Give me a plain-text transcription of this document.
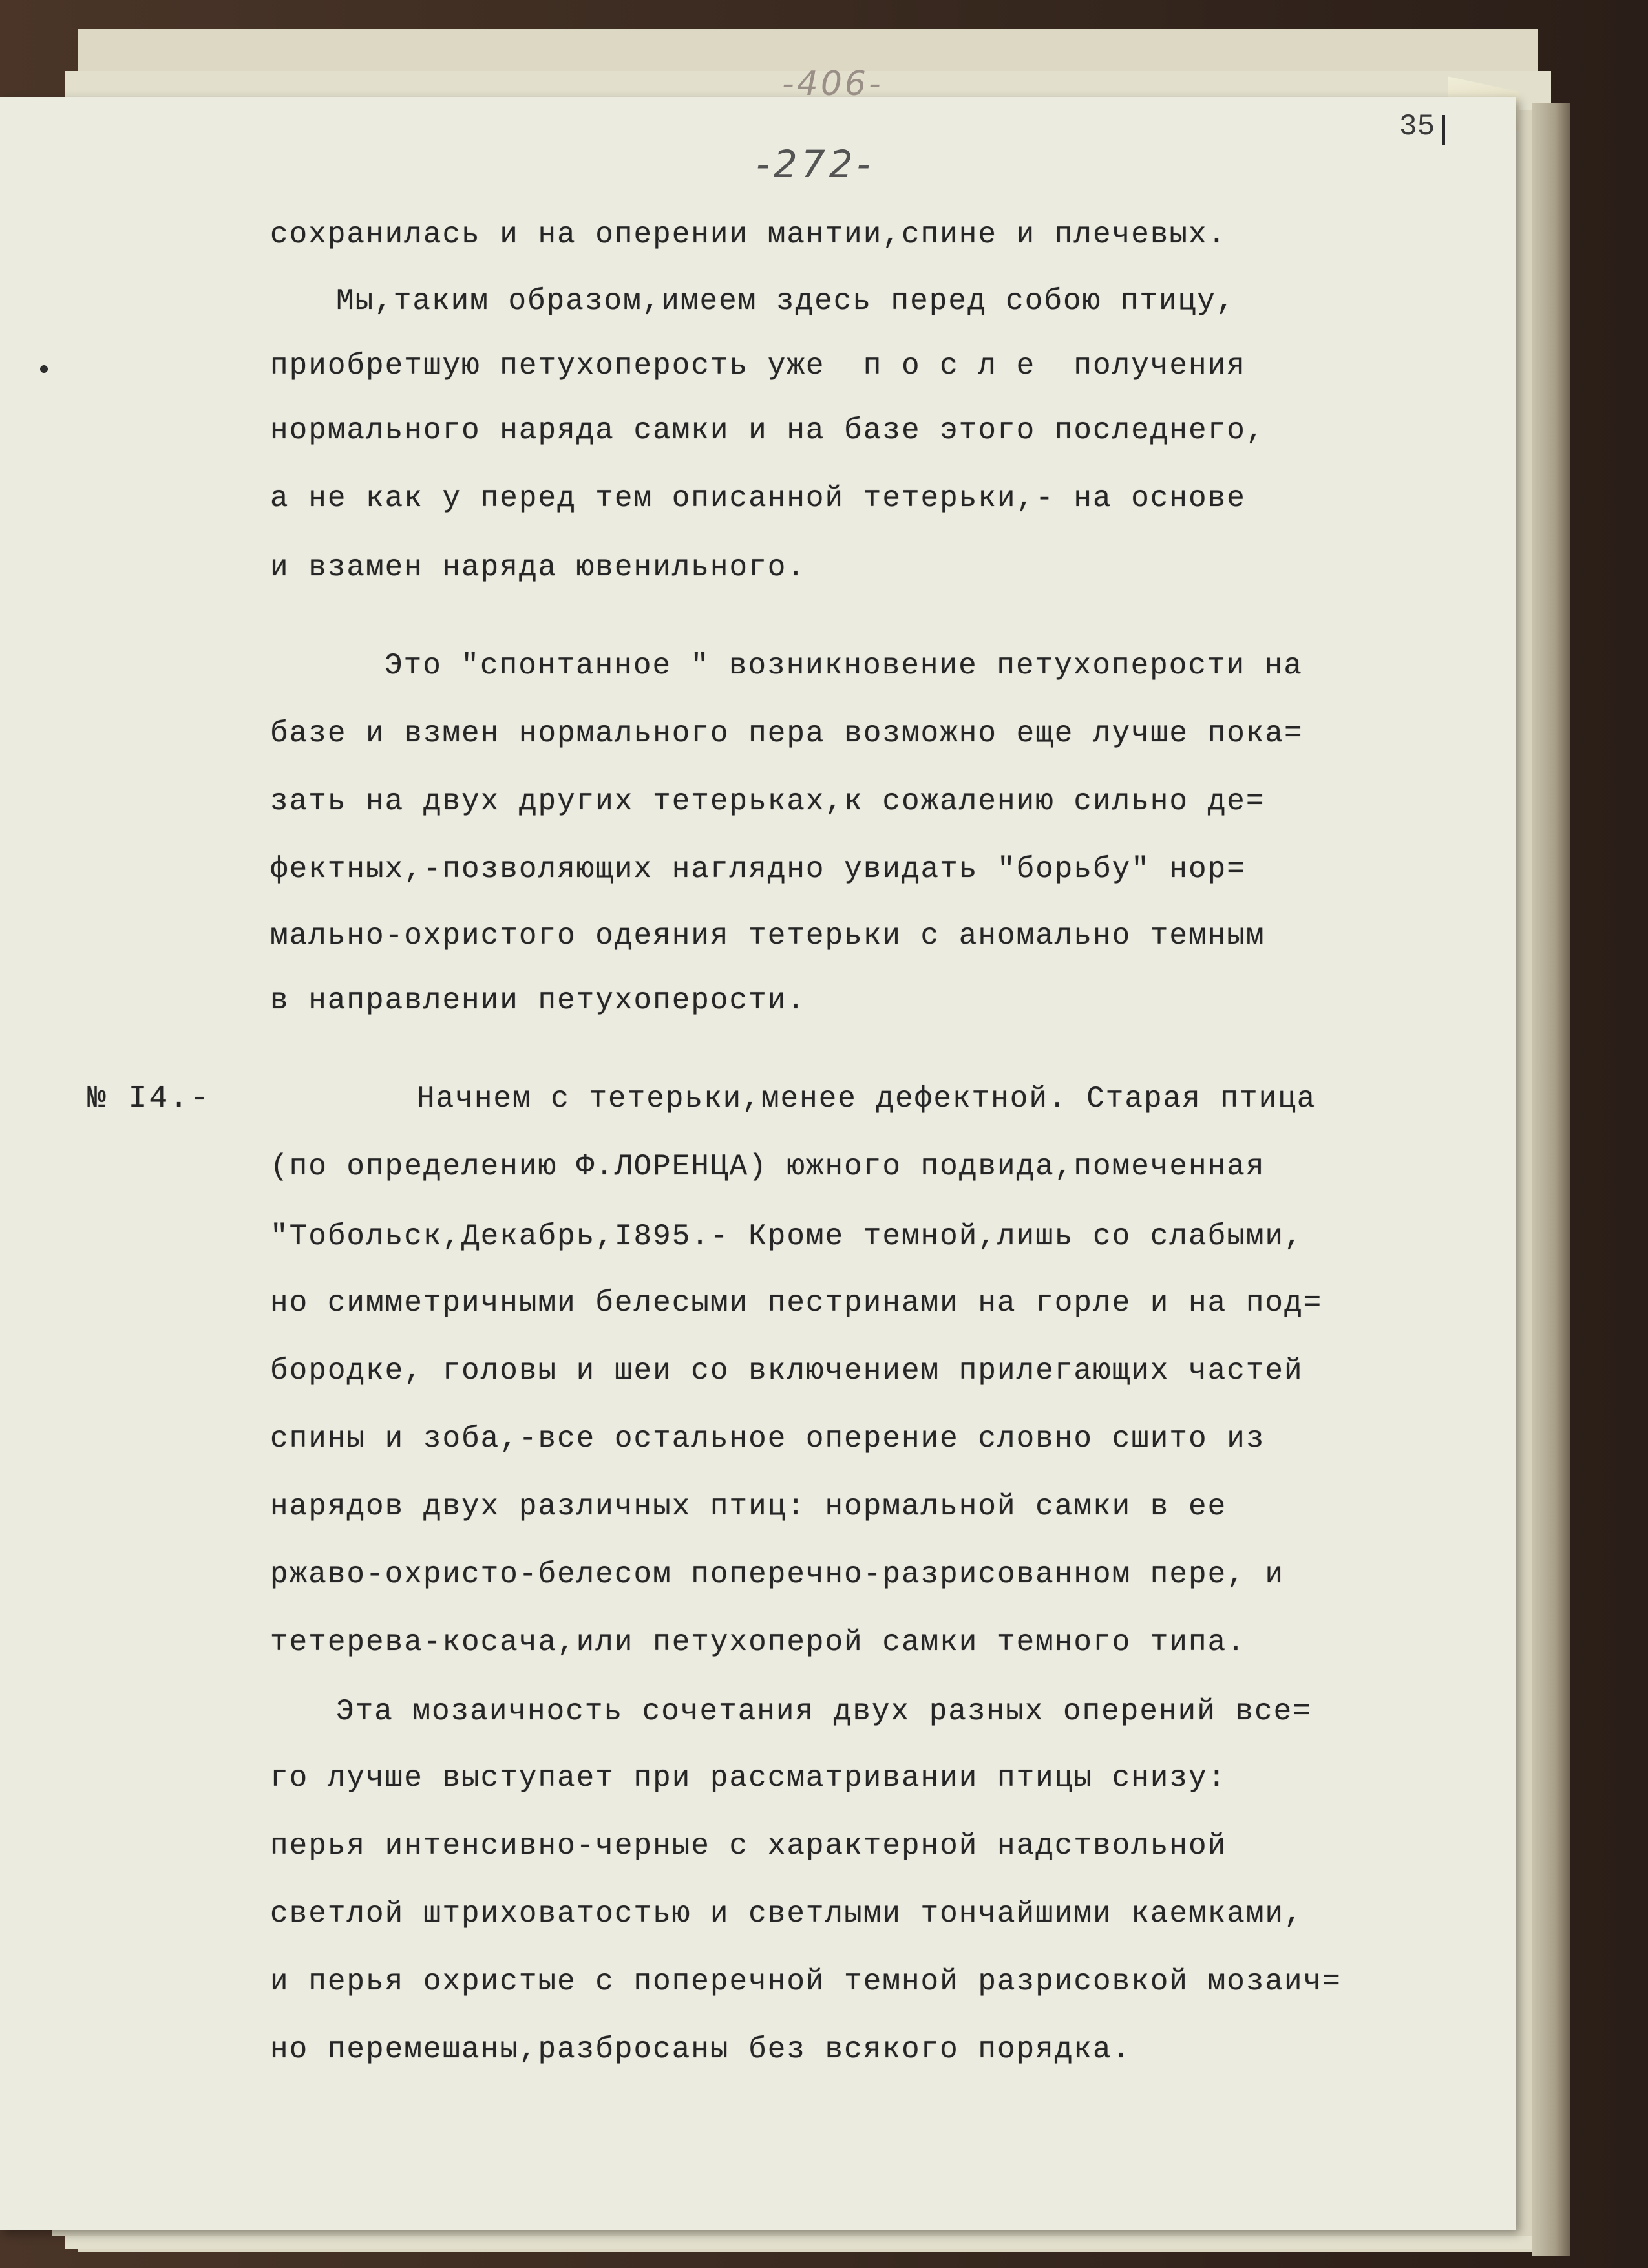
-406-
35
-272-
№ I4.-
сохранилась и на оперении мантии,спине и плечевых.
Мы,таким образом,имеем здесь перед собою птицу,
приобретшую петухоперость уже  п о с л е  получения
нормального наряда самки и на базе этого последнего,
а не как у перед тем описанной тетерьки,- на основе
и взамен наряда ювенильного.
Это "спонтанное " возникновение петухоперости на
базе и взмен нормального пера возможно еще лучше пока=
зать на двух других тетерьках,к сожалению сильно де=
фектных,-позволяющих наглядно увидать "борьбу" нор=
мально-охристого одеяния тетерьки с аномально темным
в направлении петухоперости.
Начнем с тетерьки,менее дефектной. Старая птица
(по определению Ф.ЛОРЕНЦА) южного подвида,помеченная
"Тобольск,Декабрь,I895.- Кроме темной,лишь со слабыми,
но симметричными белесыми пестринами на горле и на под=
бородке, головы и шеи со включением прилегающих частей
спины и зоба,-все остальное оперение словно сшито из
нарядов двух различных птиц: нормальной самки в ее
ржаво-охристо-белесом поперечно-разрисованном пере, и
тетерева-косача,или петухоперой самки темного типа.
Эта мозаичность сочетания двух разных оперений все=
го лучше выступает при рассматривании птицы снизу:
перья интенсивно-черные с характерной надствольной
светлой штриховатостью и светлыми тончайшими каемками,
и перья охристые с поперечной темной разрисовкой мозаич=
но перемешаны,разбросаны без всякого порядка.
